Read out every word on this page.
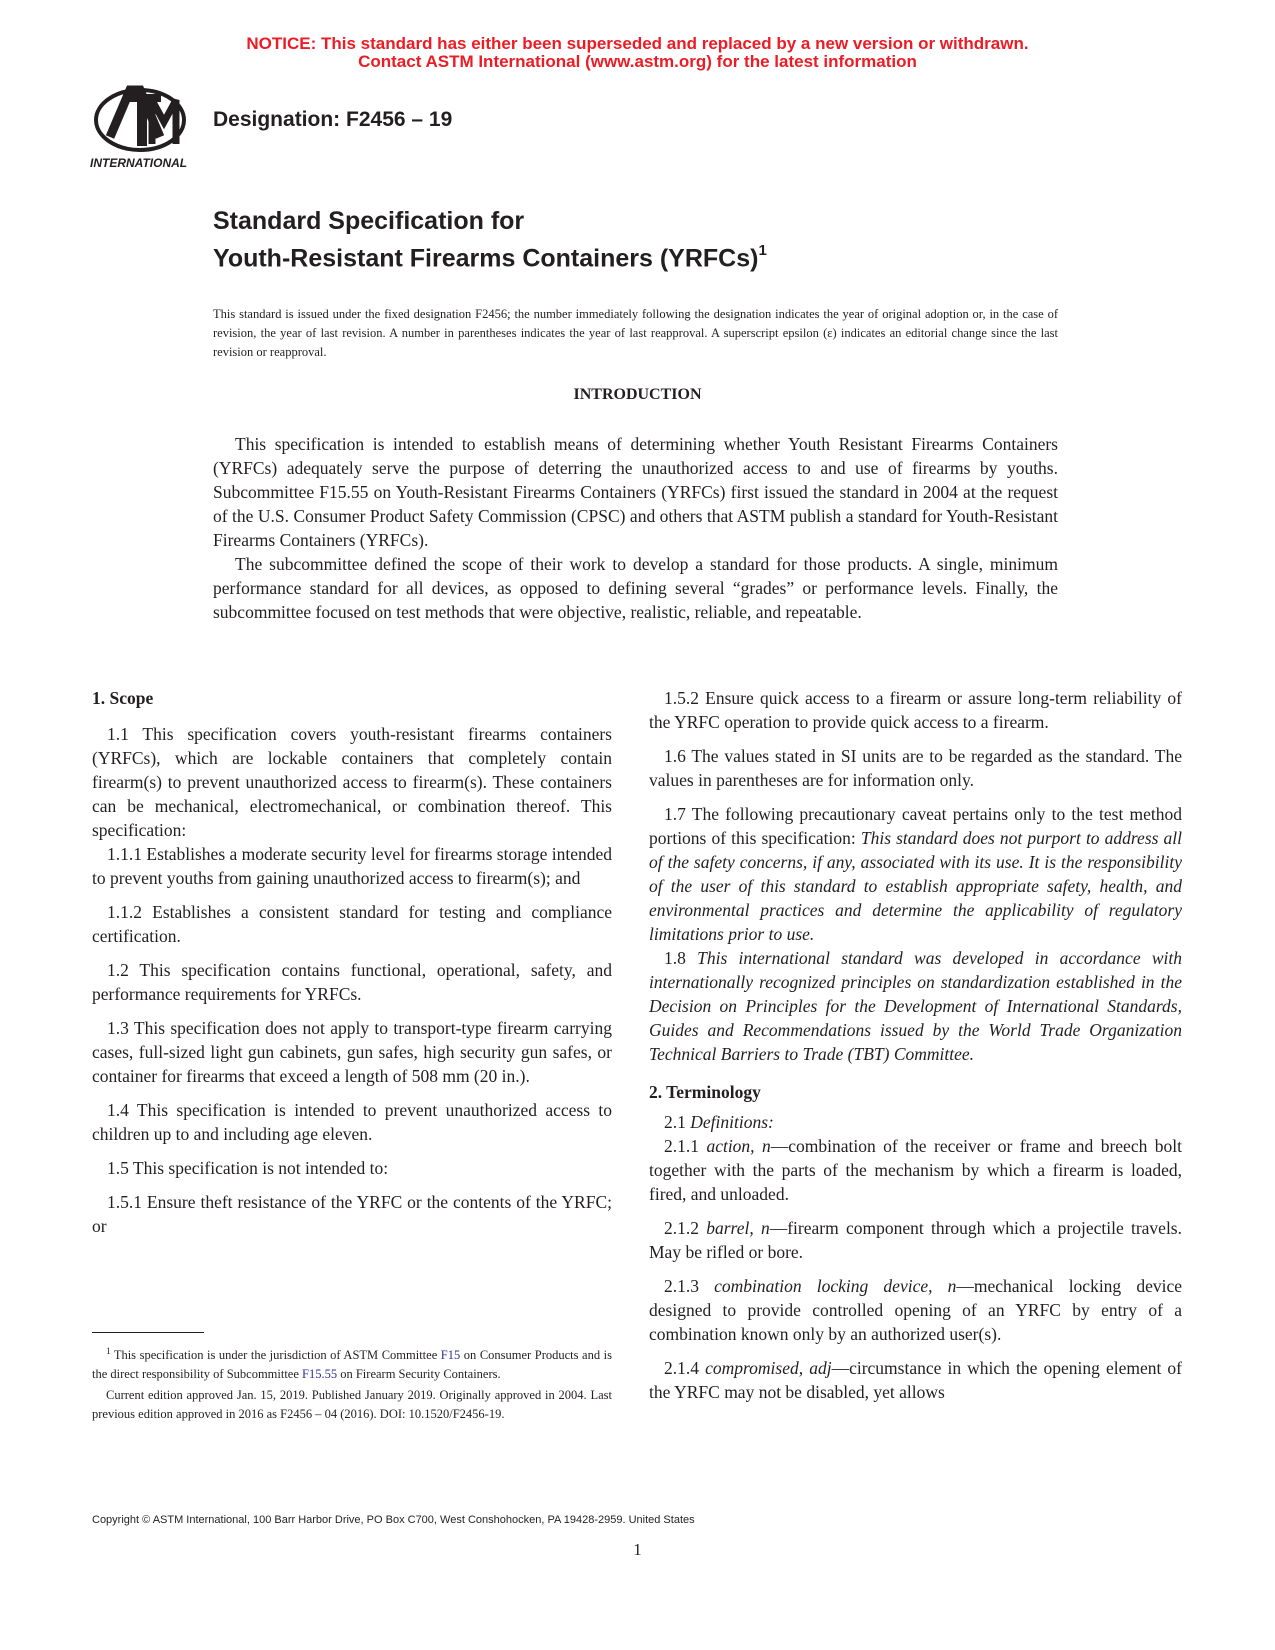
NOTICE: This standard has either been superseded and replaced by a new version or withdrawn.
Contact ASTM International (www.astm.org) for the latest information
INTERNATIONAL
Designation: F2456 – 19
Standard Specification for
Youth-Resistant Firearms Containers (YRFCs)$^1$
This standard is issued under the fixed designation F2456; the number immediately following the designation indicates the year of original adoption or, in the case of revision, the year of last revision. A number in parentheses indicates the year of last reapproval. A superscript epsilon (ε) indicates an editorial change since the last revision or reapproval.
INTRODUCTION

This specification is intended to establish means of determining whether Youth Resistant Firearms Containers (YRFCs) adequately serve the purpose of deterring the unauthorized access to and use of firearms by youths. Subcommittee F15.55 on Youth-Resistant Firearms Containers (YRFCs) first issued the standard in 2004 at the request of the U.S. Consumer Product Safety Commission (CPSC) and others that ASTM publish a standard for Youth-Resistant Firearms Containers (YRFCs).

The subcommittee defined the scope of their work to develop a standard for those products. A single, minimum performance standard for all devices, as opposed to defining several “grades” or performance levels. Finally, the subcommittee focused on test methods that were objective, realistic, reliable, and repeatable.

1. Scope

1.1 This specification covers youth-resistant firearms containers (YRFCs), which are lockable containers that completely contain firearm(s) to prevent unauthorized access to firearm(s). These containers can be mechanical, electromechanical, or combination thereof. This specification:

1.1.1 Establishes a moderate security level for firearms storage intended to prevent youths from gaining unauthorized access to firearm(s); and

1.1.2 Establishes a consistent standard for testing and compliance certification.

1.2 This specification contains functional, operational, safety, and performance requirements for YRFCs.

1.3 This specification does not apply to transport-type firearm carrying cases, full-sized light gun cabinets, gun safes, high security gun safes, or container for firearms that exceed a length of 508 mm (20 in.).

1.4 This specification is intended to prevent unauthorized access to children up to and including age eleven.

1.5 This specification is not intended to:

1.5.1 Ensure theft resistance of the YRFC or the contents of the YRFC; or

1.5.2 Ensure quick access to a firearm or assure long-term reliability of the YRFC operation to provide quick access to a firearm.

1.6 The values stated in SI units are to be regarded as the standard. The values in parentheses are for information only.

1.7 The following precautionary caveat pertains only to the test method portions of this specification: This standard does not purport to address all of the safety concerns, if any, associated with its use. It is the responsibility of the user of this standard to establish appropriate safety, health, and environmental practices and determine the applicability of regulatory limitations prior to use.

1.8 This international standard was developed in accordance with internationally recognized principles on standardization established in the Decision on Principles for the Development of International Standards, Guides and Recommendations issued by the World Trade Organization Technical Barriers to Trade (TBT) Committee.

2. Terminology

2.1 Definitions:

2.1.1 action, n—combination of the receiver or frame and breech bolt together with the parts of the mechanism by which a firearm is loaded, fired, and unloaded.

2.1.2 barrel, n—firearm component through which a projectile travels. May be rifled or bore.

2.1.3 combination locking device, n—mechanical locking device designed to provide controlled opening of an YRFC by entry of a combination known only by an authorized user(s).

2.1.4 compromised, adj—circumstance in which the opening element of the YRFC may not be disabled, yet allows

$^1$ This specification is under the jurisdiction of ASTM Committee F15 on Consumer Products and is the direct responsibility of Subcommittee F15.55 on Firearm Security Containers.

Current edition approved Jan. 15, 2019. Published January 2019. Originally approved in 2004. Last previous edition approved in 2016 as F2456 – 04 (2016). DOI: 10.1520/F2456-19.

Copyright © ASTM International, 100 Barr Harbor Drive, PO Box C700, West Conshohocken, PA 19428-2959. United States
1
